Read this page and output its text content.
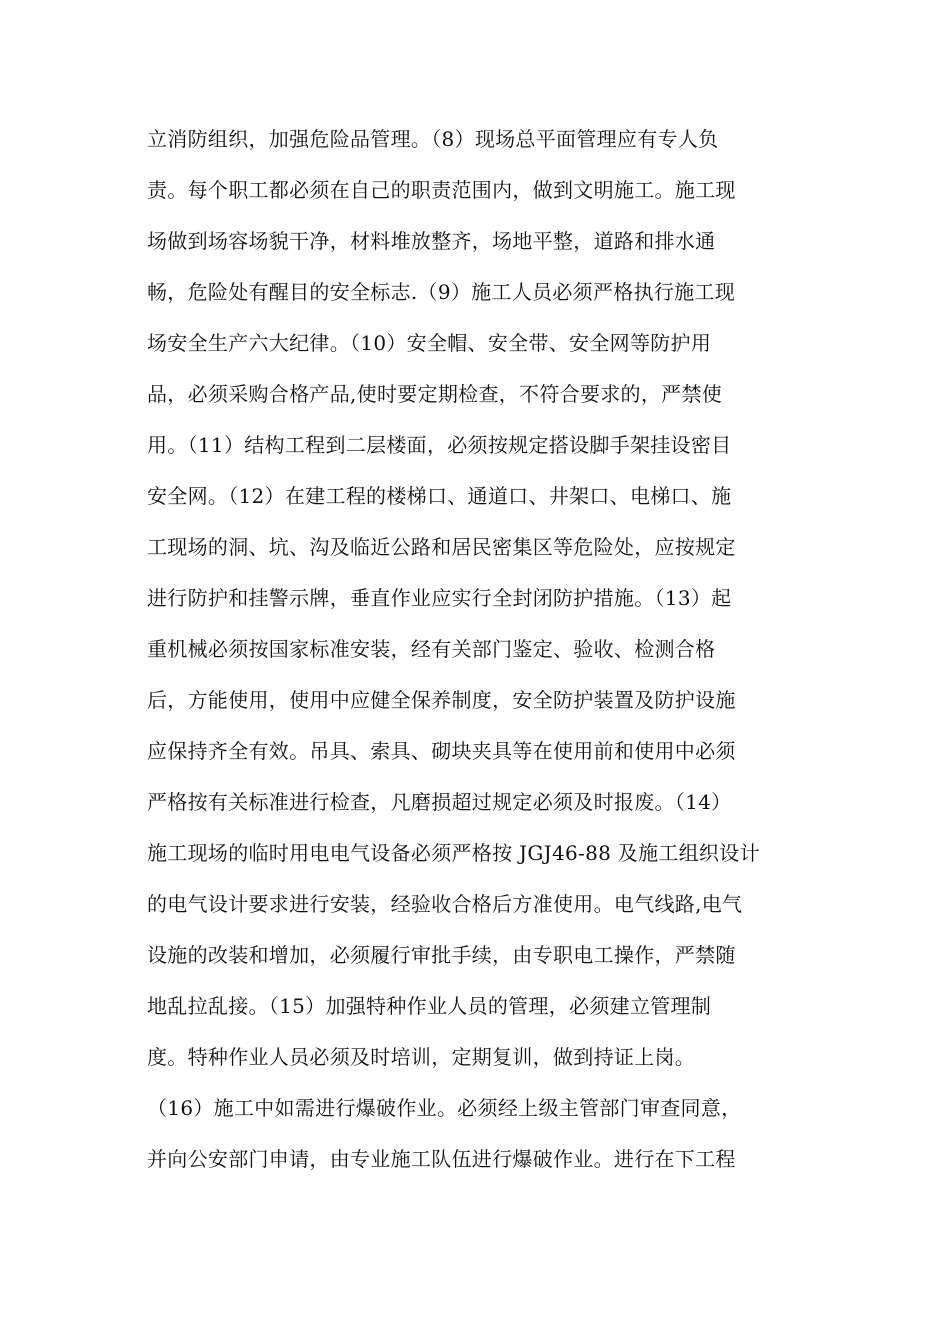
立消防组织，加强危险品管理。（8）现场总平面管理应有专人负
责。每个职工都必须在自己的职责范围内，做到文明施工。施工现
场做到场容场貌干净，材料堆放整齐，场地平整，道路和排水通
畅，危险处有醒目的安全标志.（9）施工人员必须严格执行施工现
场安全生产六大纪律。（10）安全帽、安全带、安全网等防护用
品，必须采购合格产品,使时要定期检查，不符合要求的，严禁使
用。（11）结构工程到二层楼面，必须按规定搭设脚手架挂设密目
安全网。（12）在建工程的楼梯口、通道口、井架口、电梯口、施
工现场的洞、坑、沟及临近公路和居民密集区等危险处，应按规定
进行防护和挂警示牌，垂直作业应实行全封闭防护措施。（13）起
重机械必须按国家标准安装，经有关部门鉴定、验收、检测合格
后，方能使用，使用中应健全保养制度，安全防护装置及防护设施
应保持齐全有效。吊具、索具、砌块夹具等在使用前和使用中必须
严格按有关标准进行检查，凡磨损超过规定必须及时报废。（14）
施工现场的临时用电电气设备必须严格按 JGJ46-88 及施工组织设计
的电气设计要求进行安装，经验收合格后方准使用。电气线路,电气
设施的改装和增加，必须履行审批手续，由专职电工操作，严禁随
地乱拉乱接。（15）加强特种作业人员的管理，必须建立管理制
度。特种作业人员必须及时培训，定期复训，做到持证上岗。
（16）施工中如需进行爆破作业。必须经上级主管部门审查同意，
并向公安部门申请，由专业施工队伍进行爆破作业。进行在下工程
